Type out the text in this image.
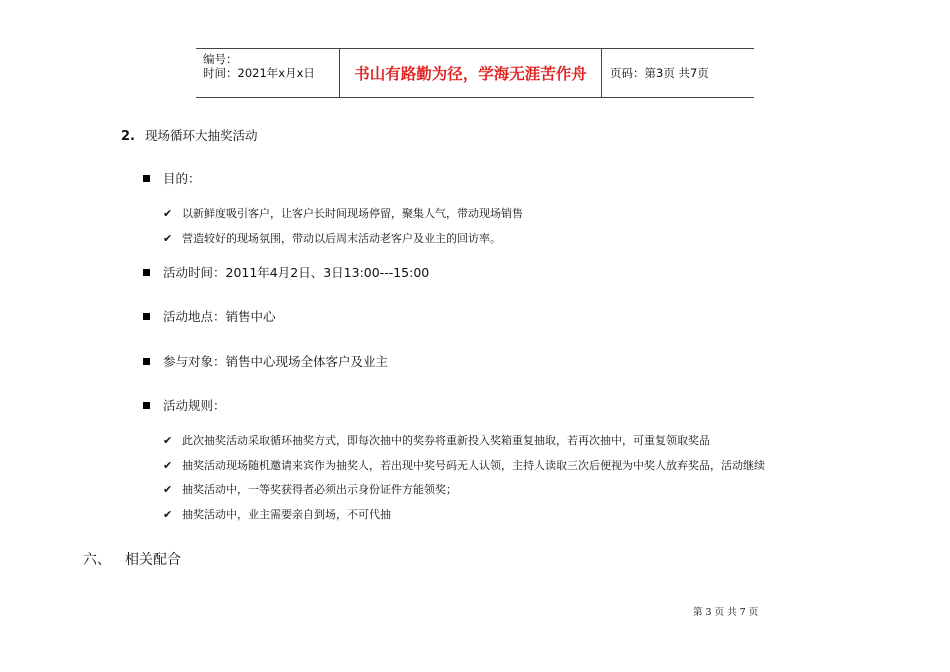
编号：
时间：2021年x月x日	书山有路勤为径，学海无涯苦作舟	页码：第3页 共7页
2. 现场循环大抽奖活动
目的：
✔ 以新鲜度吸引客户，让客户长时间现场停留，聚集人气，带动现场销售
✔ 营造较好的现场氛围，带动以后周末活动老客户及业主的回访率。
活动时间：2011年4月2日、3日13:00---15:00
活动地点：销售中心
参与对象：销售中心现场全体客户及业主
活动规则：
✔ 此次抽奖活动采取循环抽奖方式，即每次抽中的奖券将重新投入奖箱重复抽取，若再次抽中，可重复领取奖品
✔ 抽奖活动现场随机邀请来宾作为抽奖人，若出现中奖号码无人认领，主持人读取三次后便视为中奖人放弃奖品，活动继续
✔ 抽奖活动中，一等奖获得者必须出示身份证件方能领奖；
✔ 抽奖活动中，业主需要亲自到场，不可代抽
六、 相关配合
第 3 页 共 7 页
